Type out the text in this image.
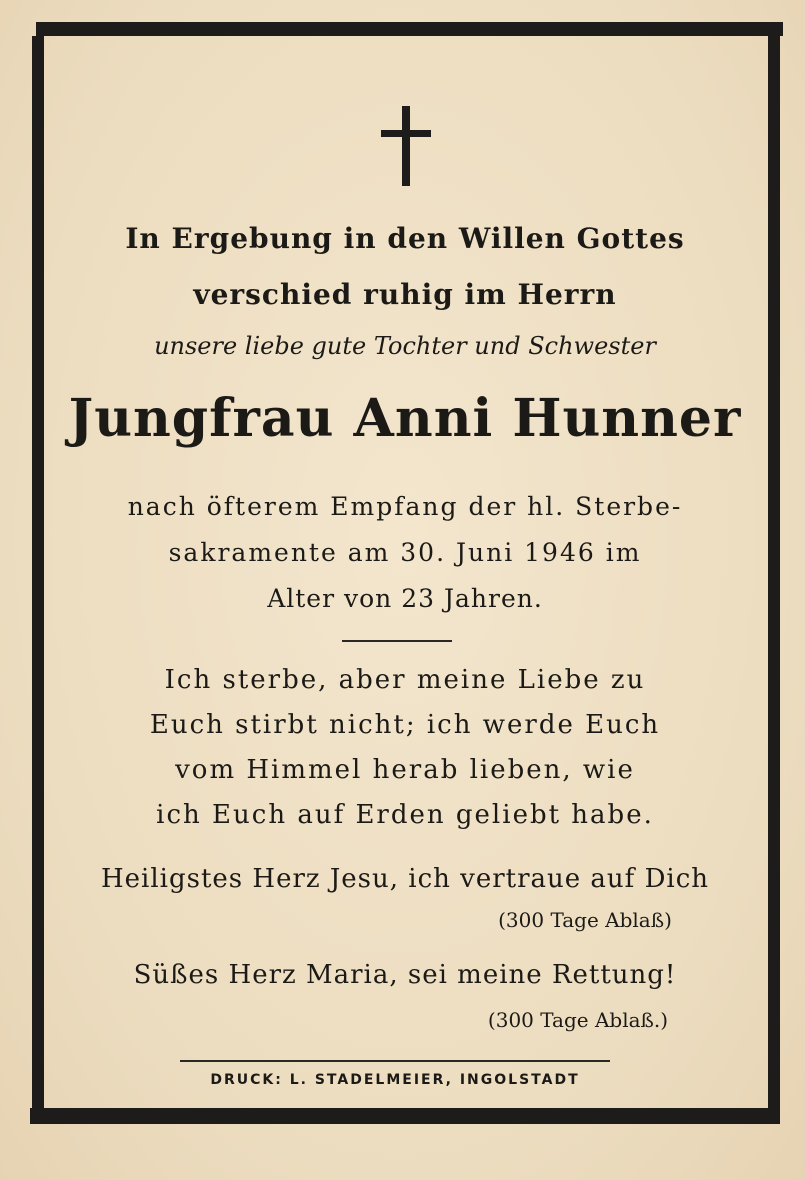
In Ergebung in den Willen Gottes
verschied ruhig im Herrn
unsere liebe gute Tochter und Schwester
Jungfrau Anni Hunner
nach öfterem Empfang der hl. Sterbe-
sakramente am 30. Juni 1946 im
Alter von 23 Jahren.
Ich sterbe, aber meine Liebe zu
Euch stirbt nicht; ich werde Euch
vom Himmel herab lieben, wie
ich Euch auf Erden geliebt habe.
Heiligstes Herz Jesu, ich vertraue auf Dich
(300 Tage Ablaß)
Süßes Herz Maria, sei meine Rettung!
(300 Tage Ablaß.)
DRUCK: L. STADELMEIER, INGOLSTADT
